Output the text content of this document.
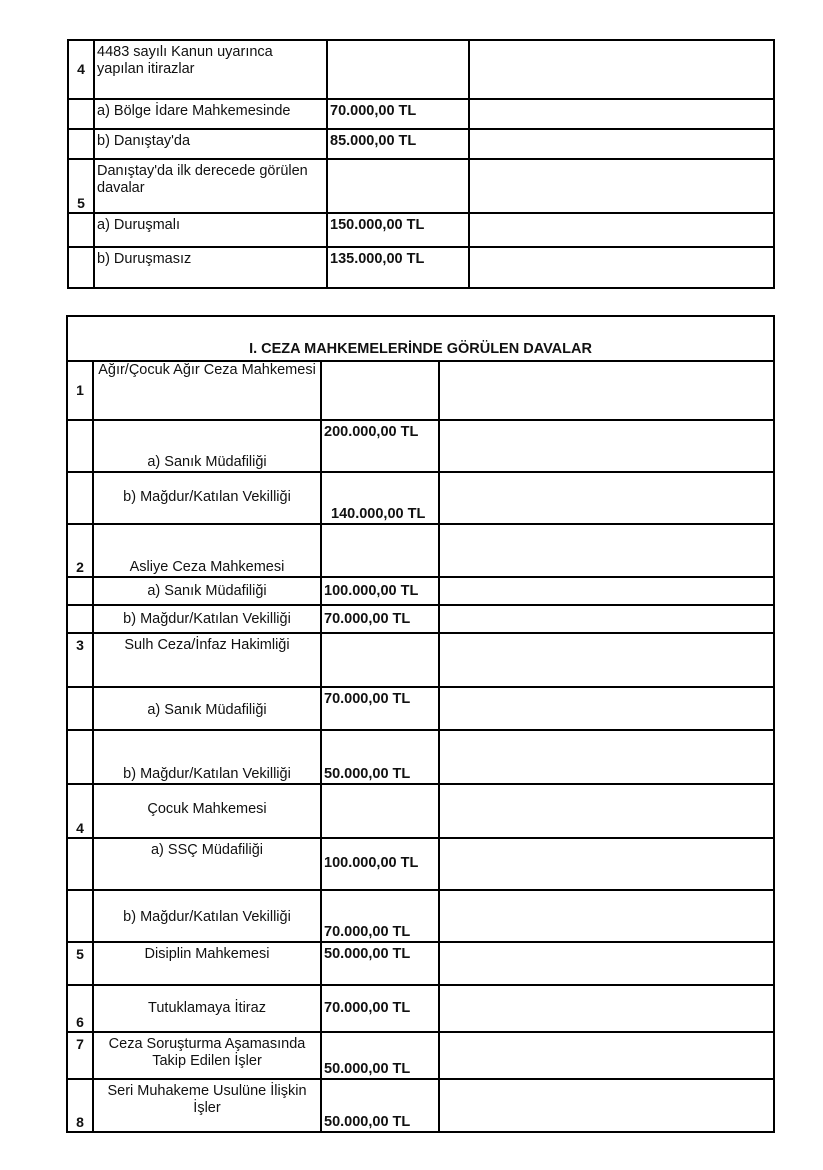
4	4483 sayılı Kanun uyarınca yapılan itirazlar		
	a) Bölge İdare Mahkemesinde	70.000,00 TL	
	b) Danıştay'da	85.000,00 TL	
5	Danıştay'da ilk derecede görülen davalar		
	a) Duruşmalı	150.000,00 TL	
	b) Duruşmasız	135.000,00 TL	
I. CEZA MAHKEMELERİNDE GÖRÜLEN DAVALAR			
1	Ağır/Çocuk Ağır Ceza Mahkemesi		
	a) Sanık Müdafiliği	200.000,00 TL	
	b) Mağdur/Katılan Vekilliği	140.000,00 TL	
2	Asliye Ceza Mahkemesi		
	a) Sanık Müdafiliği	100.000,00 TL	
	b) Mağdur/Katılan Vekilliği	70.000,00 TL	
3	Sulh Ceza/İnfaz Hakimliği		
	a) Sanık Müdafiliği	70.000,00 TL	
	b) Mağdur/Katılan Vekilliği	50.000,00 TL	
4	Çocuk Mahkemesi		
	a) SSÇ Müdafiliği	100.000,00 TL	
	b) Mağdur/Katılan Vekilliği	70.000,00 TL	
5	Disiplin Mahkemesi	50.000,00 TL	
6	Tutuklamaya İtiraz	70.000,00 TL	
7	Ceza Soruşturma Aşamasında Takip Edilen İşler	50.000,00 TL	
8	Seri Muhakeme Usulüne İlişkin İşler	50.000,00 TL	
